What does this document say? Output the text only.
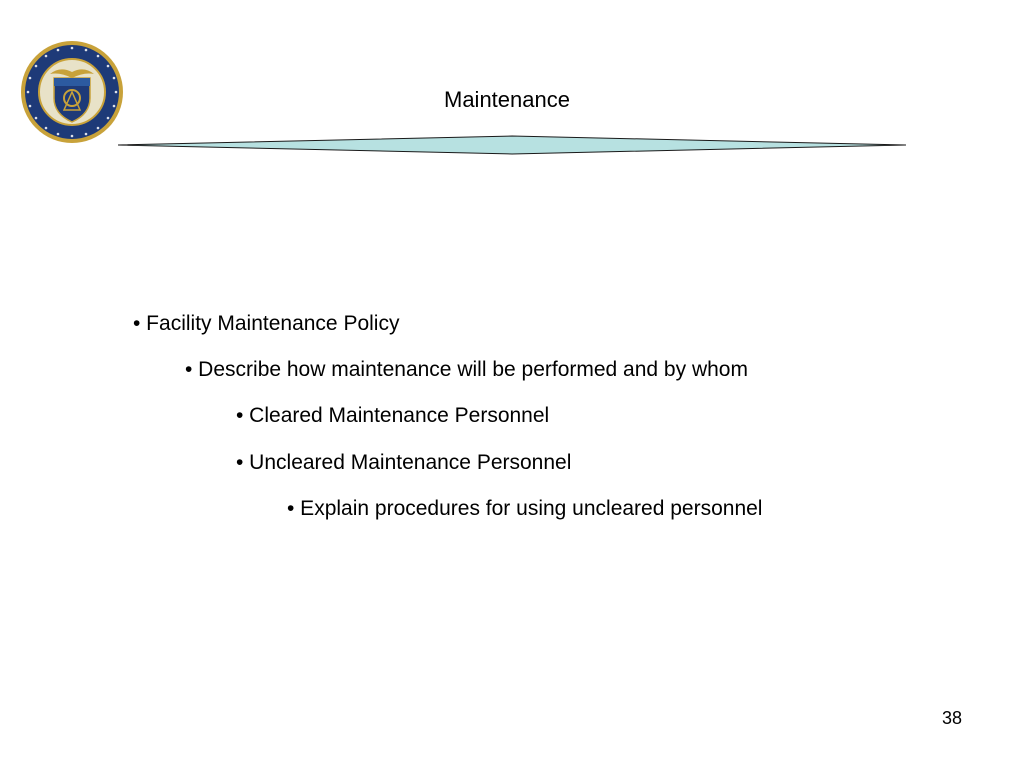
Maintenance
• Facility Maintenance Policy
• Describe how maintenance will be performed and by whom
• Cleared Maintenance Personnel
• Uncleared Maintenance Personnel
• Explain procedures for using uncleared personnel
38
